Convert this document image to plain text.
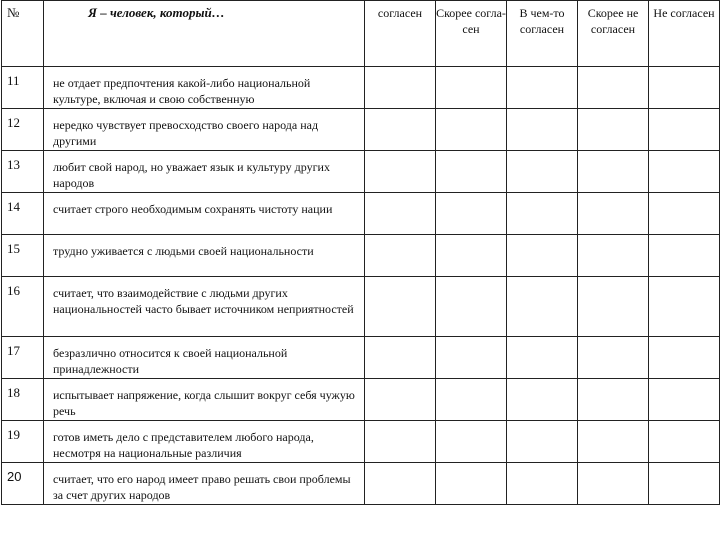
№	Я – человек, который…	согласен	Скорее согла-сен	В чем-то согласен	Скорее не согласен	Не согласен
11	не отдает предпочтения какой-либо национальной культуре, включая и свою собственную					
12	нередко чувствует превосходство своего народа над другими					
13	любит свой народ, но уважает язык и культуру других народов					
14	считает строго необходимым сохранять чистоту нации					
15	трудно уживается с людьми своей национальности					
16	считает, что взаимодействие с людьми других национальностей часто бывает источником неприятностей					
17	безразлично относится к своей национальной принадлежности					
18	испытывает напряжение, когда слышит вокруг себя чужую речь					
19	готов иметь дело с представителем любого народа, несмотря на национальные различия					
20	считает, что его народ имеет право решать свои проблемы за счет других народов					
